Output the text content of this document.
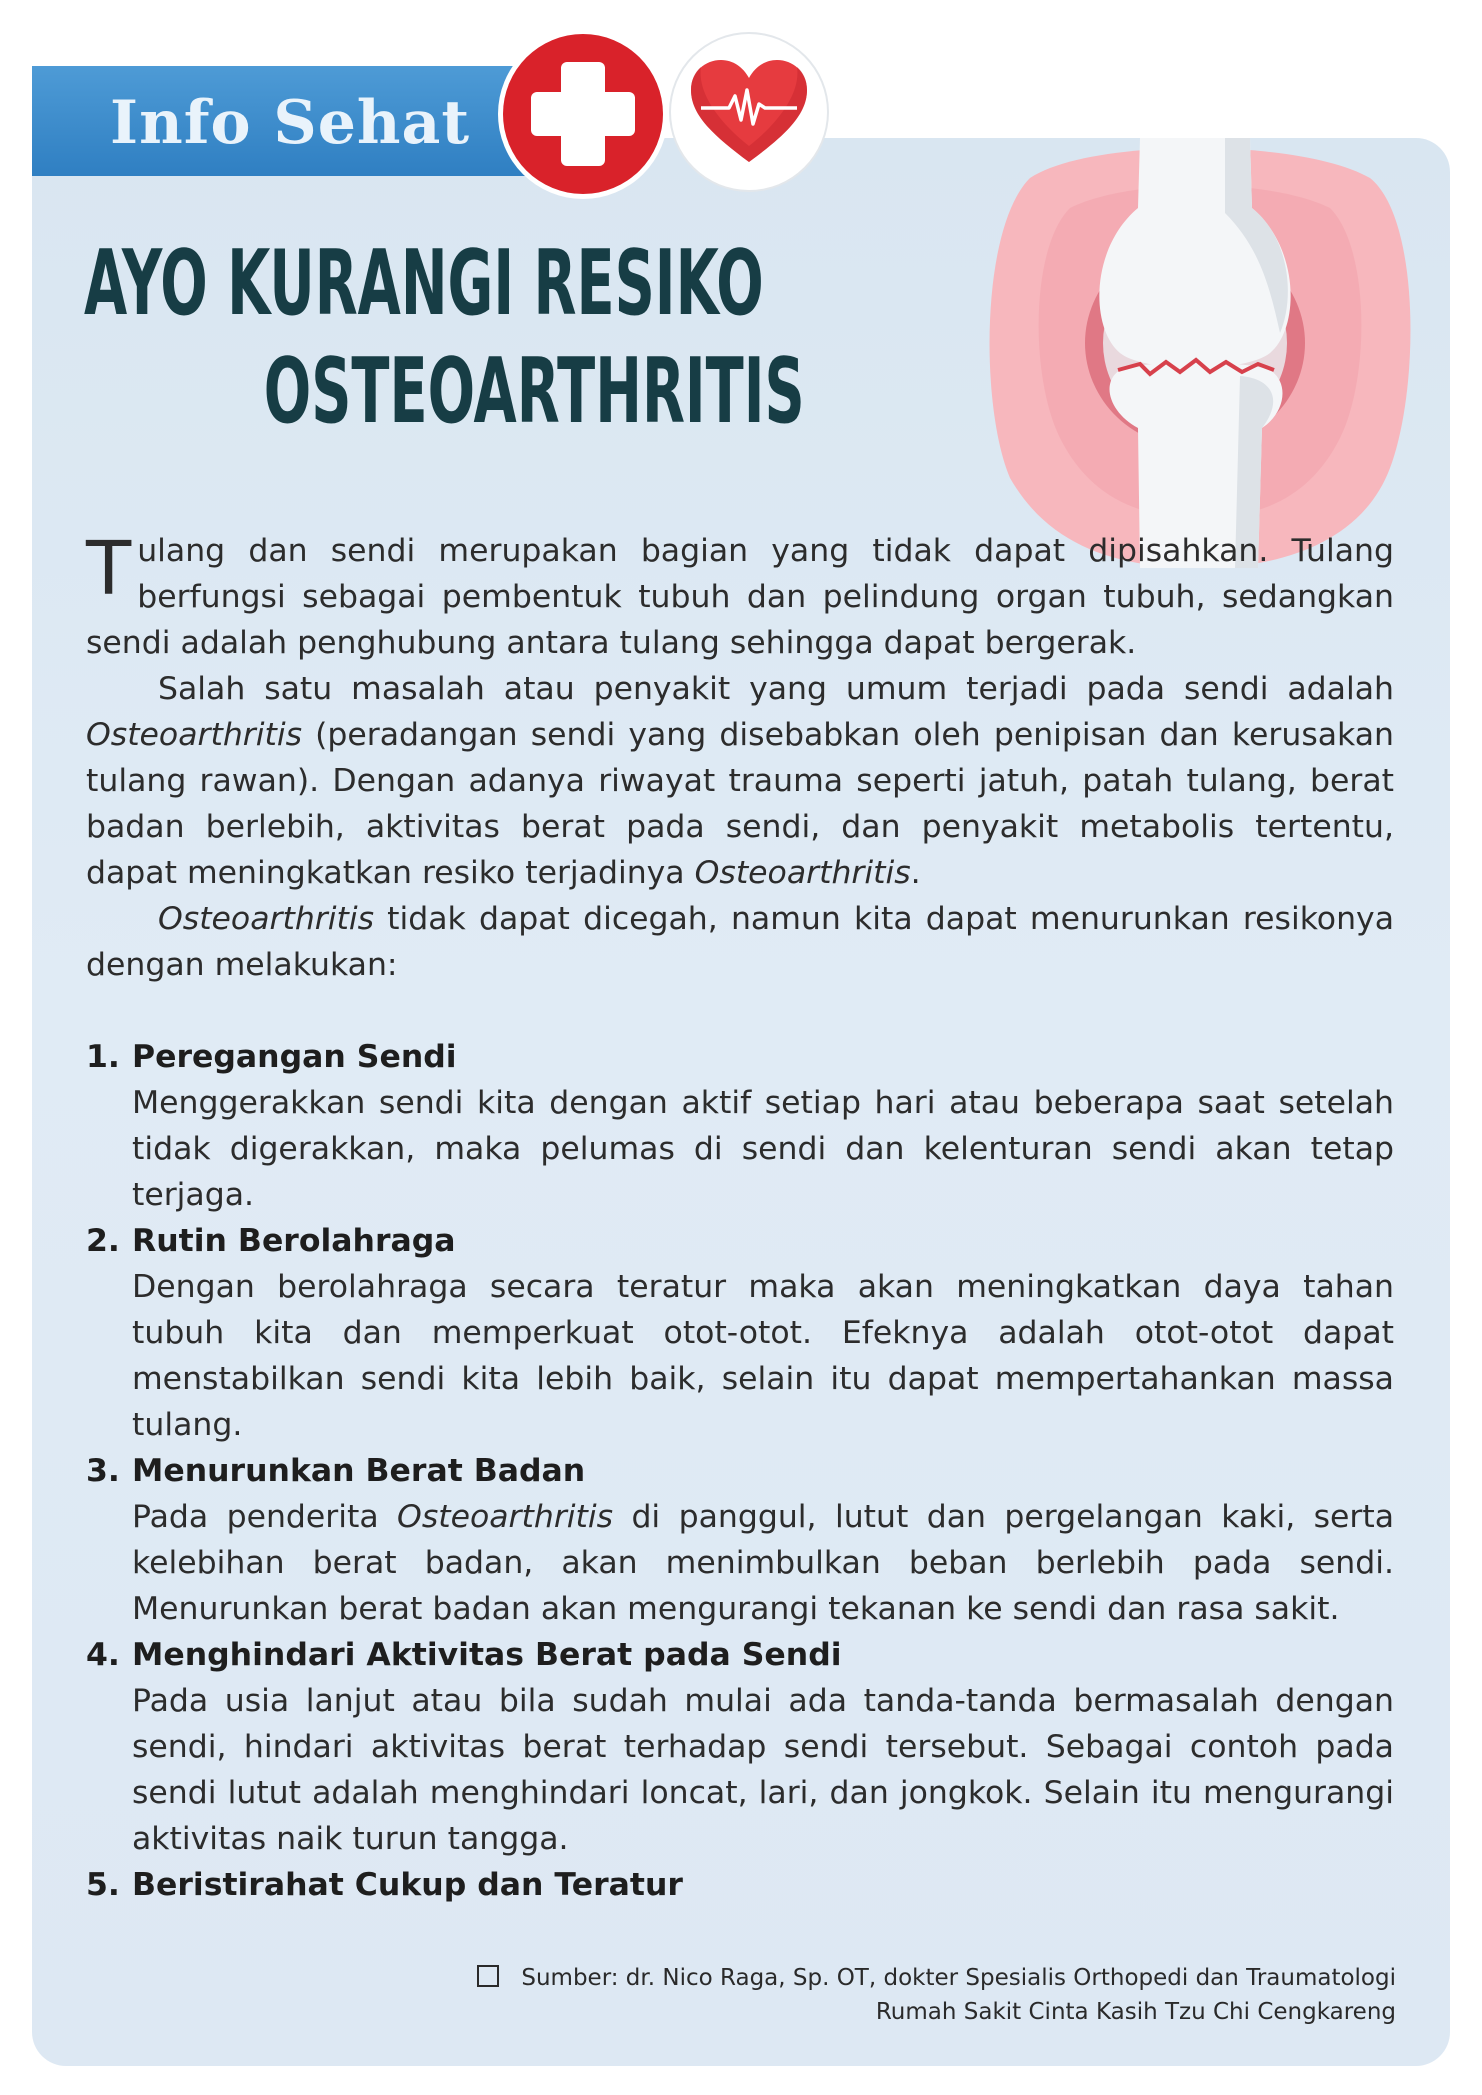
Info Sehat
AYO KURANGI RESIKO
OSTEOARTHRITIS

Tulang dan sendi merupakan bagian yang tidak dapat dipisahkan. Tulang berfungsi sebagai pembentuk tubuh dan pelindung organ tubuh, sedangkan sendi adalah penghubung antara tulang sehingga dapat bergerak.

Salah satu masalah atau penyakit yang umum terjadi pada sendi adalah Osteoarthritis (peradangan sendi yang disebabkan oleh penipisan dan kerusakan tulang rawan). Dengan adanya riwayat trauma seperti jatuh, patah tulang, berat badan berlebih, aktivitas berat pada sendi, dan penyakit metabolis tertentu, dapat meningkatkan resiko terjadinya Osteoarthritis.

Osteoarthritis tidak dapat dicegah, namun kita dapat menurunkan resikonya dengan melakukan:

1. Peregangan Sendi
Menggerakkan sendi kita dengan aktif setiap hari atau beberapa saat setelah tidak digerakkan, maka pelumas di sendi dan kelenturan sendi akan tetap terjaga.
2. Rutin Berolahraga
Dengan berolahraga secara teratur maka akan meningkatkan daya tahan tubuh kita dan memperkuat otot-otot. Efeknya adalah otot-otot dapat menstabilkan sendi kita lebih baik, selain itu dapat mempertahankan massa tulang.
3. Menurunkan Berat Badan
Pada penderita Osteoarthritis di panggul, lutut dan pergelangan kaki, serta kelebihan berat badan, akan menimbulkan beban berlebih pada sendi. Menurunkan berat badan akan mengurangi tekanan ke sendi dan rasa sakit.
4. Menghindari Aktivitas Berat pada Sendi
Pada usia lanjut atau bila sudah mulai ada tanda-tanda bermasalah dengan sendi, hindari aktivitas berat terhadap sendi tersebut. Sebagai contoh pada sendi lutut adalah menghindari loncat, lari, dan jongkok. Selain itu mengurangi aktivitas naik turun tangga.
5. Beristirahat Cukup dan Teratur
Sumber: dr. Nico Raga, Sp. OT, dokter Spesialis Orthopedi dan Traumatologi
Rumah Sakit Cinta Kasih Tzu Chi Cengkareng
